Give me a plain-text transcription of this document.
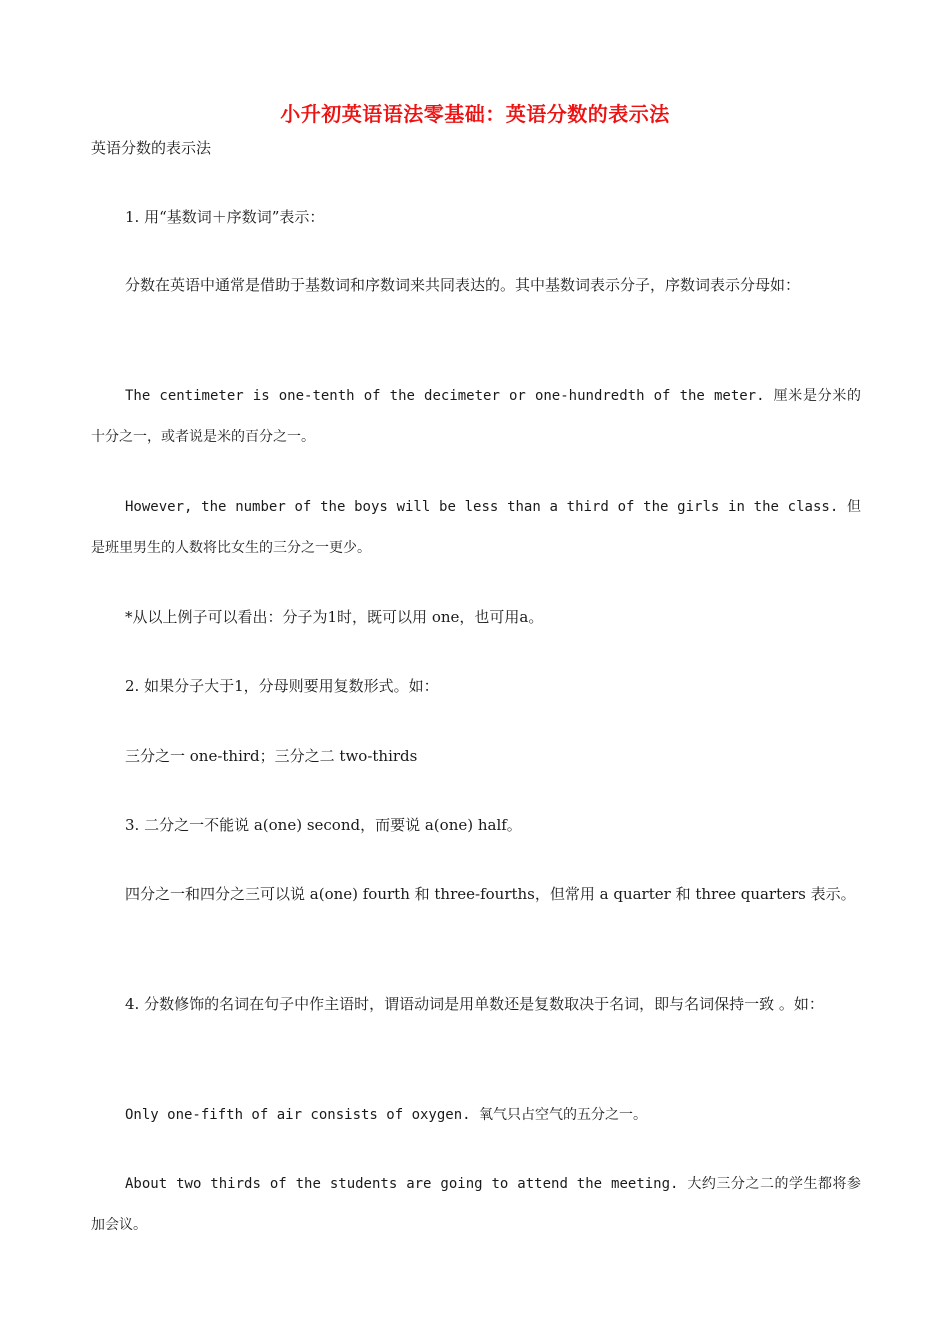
小升初英语语法零基础：英语分数的表示法
英语分数的表示法
1. 用“基数词＋序数词”表示：
分数在英语中通常是借助于基数词和序数词来共同表达的。其中基数词表示分子，序数词表示分母如：
The centimeter is one-tenth of the decimeter or one-hundredth of the meter. 厘米是分米的十分之一，或者说是米的百分之一。
However, the number of the boys will be less than a third of the girls in the class. 但是班里男生的人数将比女生的三分之一更少。
*从以上例子可以看出：分子为1时，既可以用 one，也可用a。
2. 如果分子大于1，分母则要用复数形式。如：
三分之一 one-third；三分之二 two-thirds
3. 二分之一不能说 a(one) second，而要说 a(one) half。
四分之一和四分之三可以说 a(one) fourth 和 three-fourths，但常用 a quarter 和 three quarters 表示。
4. 分数修饰的名词在句子中作主语时，谓语动词是用单数还是复数取决于名词，即与名词保持一致 。如：
Only one-fifth of air consists of oxygen. 氧气只占空气的五分之一。
About two thirds of the students are going to attend the meeting. 大约三分之二的学生都将参加会议。
